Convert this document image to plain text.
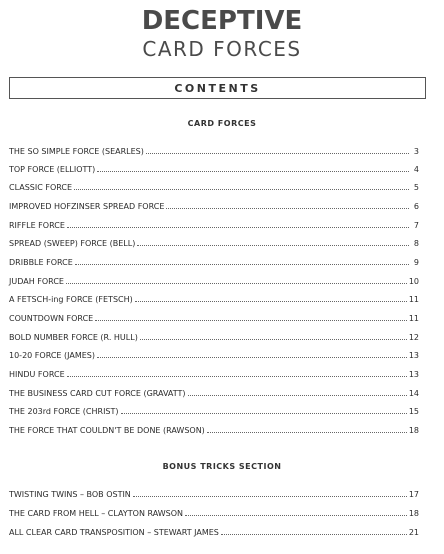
DECEPTIVE
CARD FORCES
CONTENTS
CARD FORCES
THE SO SIMPLE FORCE (SEARLES)	3
TOP FORCE (ELLIOTT)	4
CLASSIC FORCE	5
IMPROVED HOFZINSER SPREAD FORCE	6
RIFFLE FORCE	7
SPREAD (SWEEP) FORCE (BELL)	8
DRIBBLE FORCE	9
JUDAH FORCE	10
A FETSCH-ing FORCE (FETSCH)	11
COUNTDOWN FORCE	11
BOLD NUMBER FORCE (R. HULL)	12
10-20 FORCE (JAMES)	13
HINDU FORCE	13
THE BUSINESS CARD CUT FORCE (GRAVATT)	14
THE 203rd FORCE (CHRIST)	15
THE FORCE THAT COULDN'T BE DONE (RAWSON)	18
BONUS TRICKS SECTION
TWISTING TWINS – BOB OSTIN	17
THE CARD FROM HELL – CLAYTON RAWSON	18
ALL CLEAR CARD TRANSPOSITION – STEWART JAMES	21
